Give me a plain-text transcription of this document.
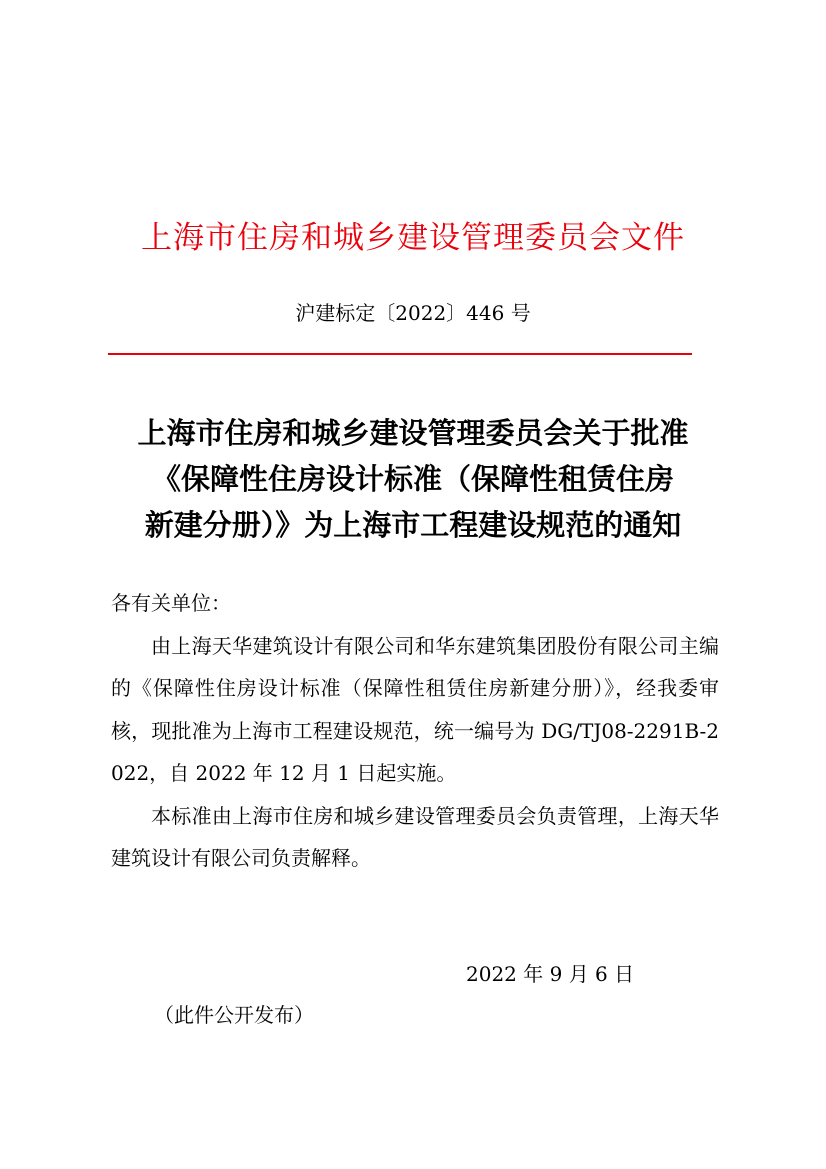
上海市住房和城乡建设管理委员会文件
沪建标定〔2022〕446 号
上海市住房和城乡建设管理委员会关于批准
《保障性住房设计标准（保障性租赁住房
新建分册）》为上海市工程建设规范的通知

各有关单位：

由上海天华建筑设计有限公司和华东建筑集团股份有限公司主编的《保障性住房设计标准（保障性租赁住房新建分册）》，经我委审核，现批准为上海市工程建设规范，统一编号为 DG/TJ08-2291B-2022，自 2022 年 12 月 1 日起实施。

本标准由上海市住房和城乡建设管理委员会负责管理，上海天华建筑设计有限公司负责解释。

2022 年 9 月 6 日
（此件公开发布）
